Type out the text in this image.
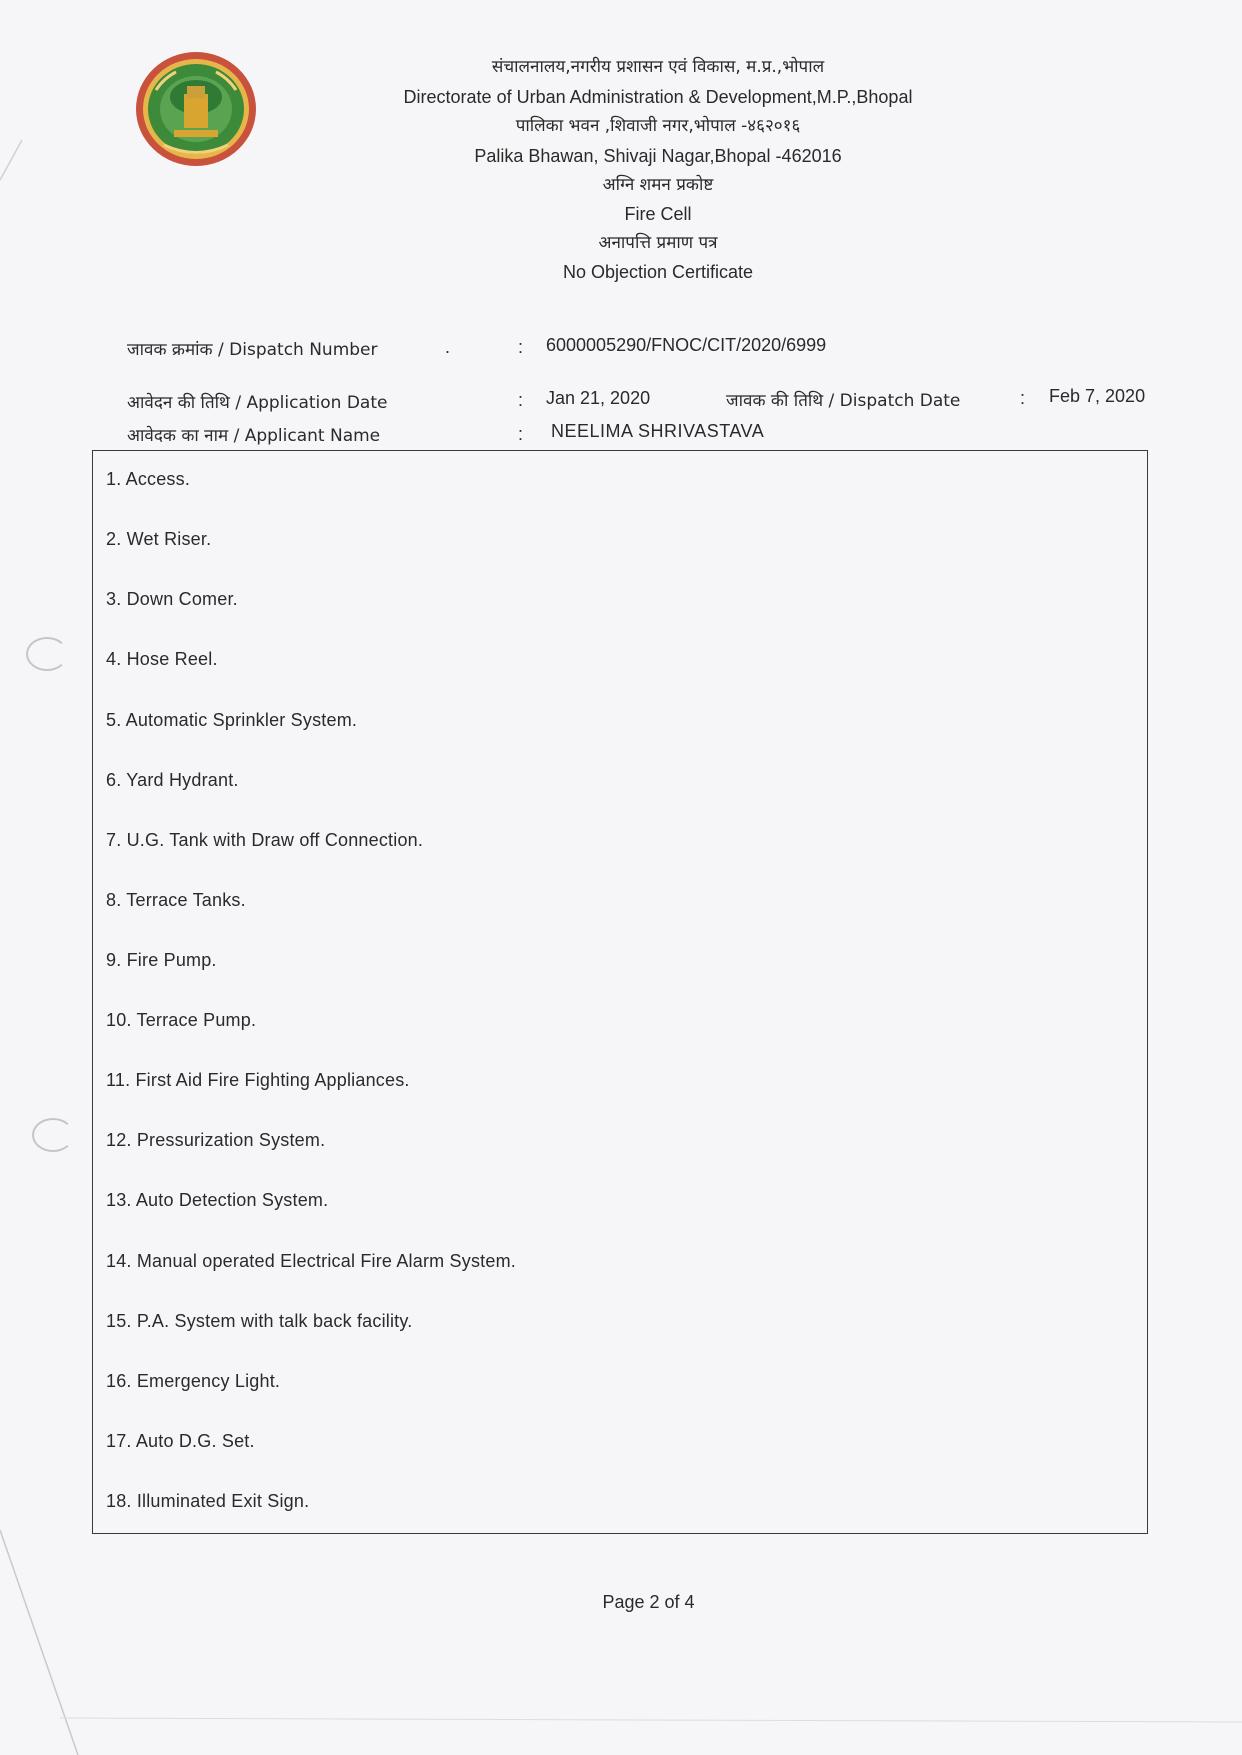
संचालनालय,नगरीय प्रशासन एवं विकास, म.प्र.,भोपाल

Directorate of Urban Administration & Development,M.P.,Bhopal

पालिका भवन ,शिवाजी नगर,भोपाल -४६२०१६

Palika Bhawan, Shivaji Nagar,Bhopal -462016

अग्नि शमन प्रकोष्ट

Fire Cell

अनापत्ति प्रमाण पत्र

No Objection Certificate

जावक क्रमांक / Dispatch Number	.	: 6000005290/FNOC/CIT/2020/6999
आवेदन की तिथि / Application Date	: Jan 21, 2020	जावक की तिथि / Dispatch Date	: Feb 7, 2020
आवेदक का नाम / Applicant Name	: NEELIMA SHRIVASTAVA
1. Access.
2. Wet Riser.
3. Down Comer.
4. Hose Reel.
5. Automatic Sprinkler System.
6. Yard Hydrant.
7. U.G. Tank with Draw off Connection.
8. Terrace Tanks.
9. Fire Pump.
10. Terrace Pump.
11. First Aid Fire Fighting Appliances.
12. Pressurization System.
13. Auto Detection System.
14. Manual operated Electrical Fire Alarm System.
15. P.A. System with talk back facility.
16. Emergency Light.
17. Auto D.G. Set.
18. Illuminated Exit Sign.
Page 2 of 4
